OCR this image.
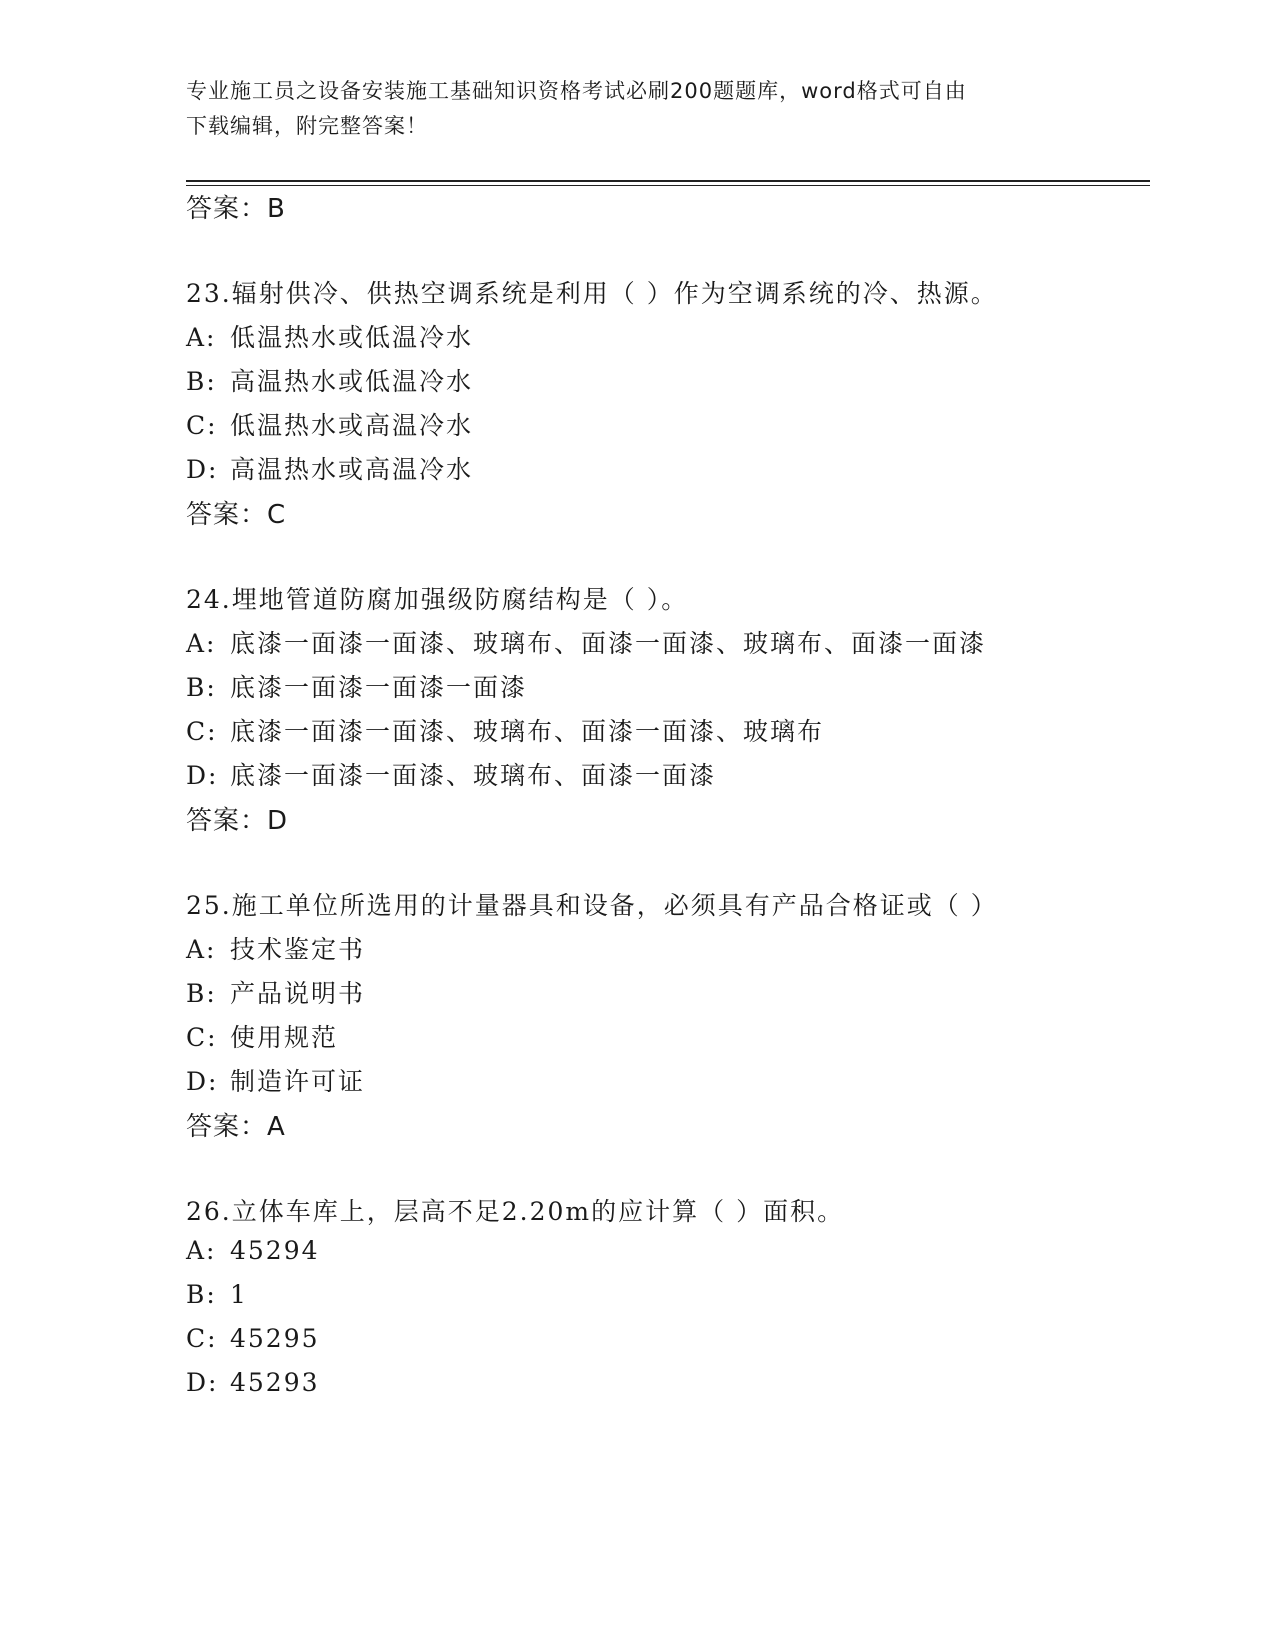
专业施工员之设备安装施工基础知识资格考试必刷200题题库，word格式可自由
下载编辑，附完整答案！
答案：B
23.辐射供冷、供热空调系统是利用（ ）作为空调系统的冷、热源。
A: 低温热水或低温冷水
B: 高温热水或低温冷水
C: 低温热水或高温冷水
D: 高温热水或高温冷水
答案：C
24.埋地管道防腐加强级防腐结构是（ ）。
A: 底漆一面漆一面漆、玻璃布、面漆一面漆、玻璃布、面漆一面漆
B: 底漆一面漆一面漆一面漆
C: 底漆一面漆一面漆、玻璃布、面漆一面漆、玻璃布
D: 底漆一面漆一面漆、玻璃布、面漆一面漆
答案：D
25.施工单位所选用的计量器具和设备，必须具有产品合格证或（ ）
A: 技术鉴定书
B: 产品说明书
C: 使用规范
D: 制造许可证
答案：A
26.立体车库上，层高不足2.20m的应计算（ ）面积。
A: 45294
B: 1
C: 45295
D: 45293
